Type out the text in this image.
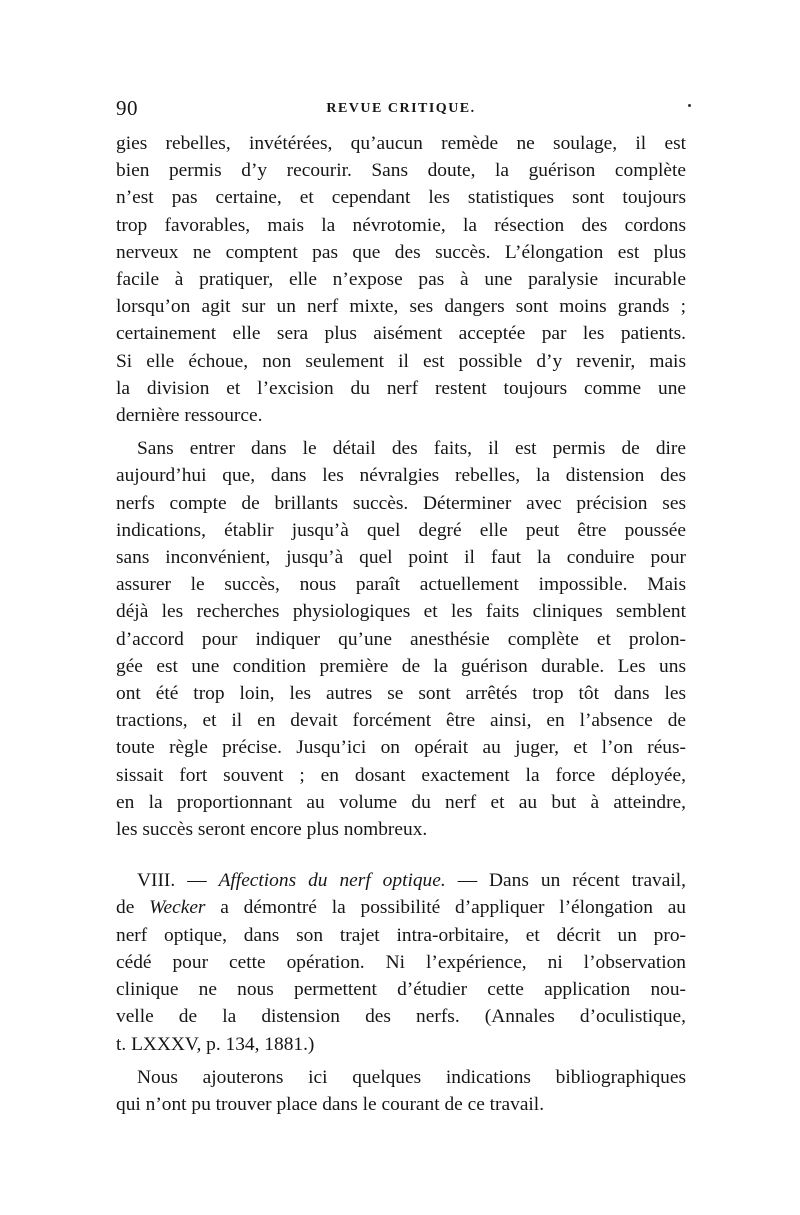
90	REVUE CRITIQUE.

gies rebelles, invétérées, qu’aucun remède ne soulage, il est
bien permis d’y recourir. Sans doute, la guérison complète
n’est pas certaine, et cependant les statistiques sont toujours
trop favorables, mais la névrotomie, la résection des cordons
nerveux ne comptent pas que des succès. L’élongation est plus
facile à pratiquer, elle n’expose pas à une paralysie incurable
lorsqu’on agit sur un nerf mixte, ses dangers sont moins grands ;
certainement elle sera plus aisément acceptée par les patients.
Si elle échoue, non seulement il est possible d’y revenir, mais
la division et l’excision du nerf restent toujours comme une
dernière ressource.

Sans entrer dans le détail des faits, il est permis de dire
aujourd’hui que, dans les névralgies rebelles, la distension des
nerfs compte de brillants succès. Déterminer avec précision ses
indications, établir jusqu’à quel degré elle peut être poussée
sans inconvénient, jusqu’à quel point il faut la conduire pour
assurer le succès, nous paraît actuellement impossible. Mais
déjà les recherches physiologiques et les faits cliniques semblent
d’accord pour indiquer qu’une anesthésie complète et prolon-
gée est une condition première de la guérison durable. Les uns
ont été trop loin, les autres se sont arrêtés trop tôt dans les
tractions, et il en devait forcément être ainsi, en l’absence de
toute règle précise. Jusqu’ici on opérait au juger, et l’on réus-
sissait fort souvent ; en dosant exactement la force déployée,
en la proportionnant au volume du nerf et au but à atteindre,
les succès seront encore plus nombreux.

VIII. — Affections du nerf optique. — Dans un récent travail,
de Wecker a démontré la possibilité d’appliquer l’élongation au
nerf optique, dans son trajet intra-orbitaire, et décrit un pro-
cédé pour cette opération. Ni l’expérience, ni l’observation
clinique ne nous permettent d’étudier cette application nou-
velle de la distension des nerfs. (Annales d’oculistique,
t. LXXXV, p. 134, 1881.)

Nous ajouterons ici quelques indications bibliographiques
qui n’ont pu trouver place dans le courant de ce travail.
